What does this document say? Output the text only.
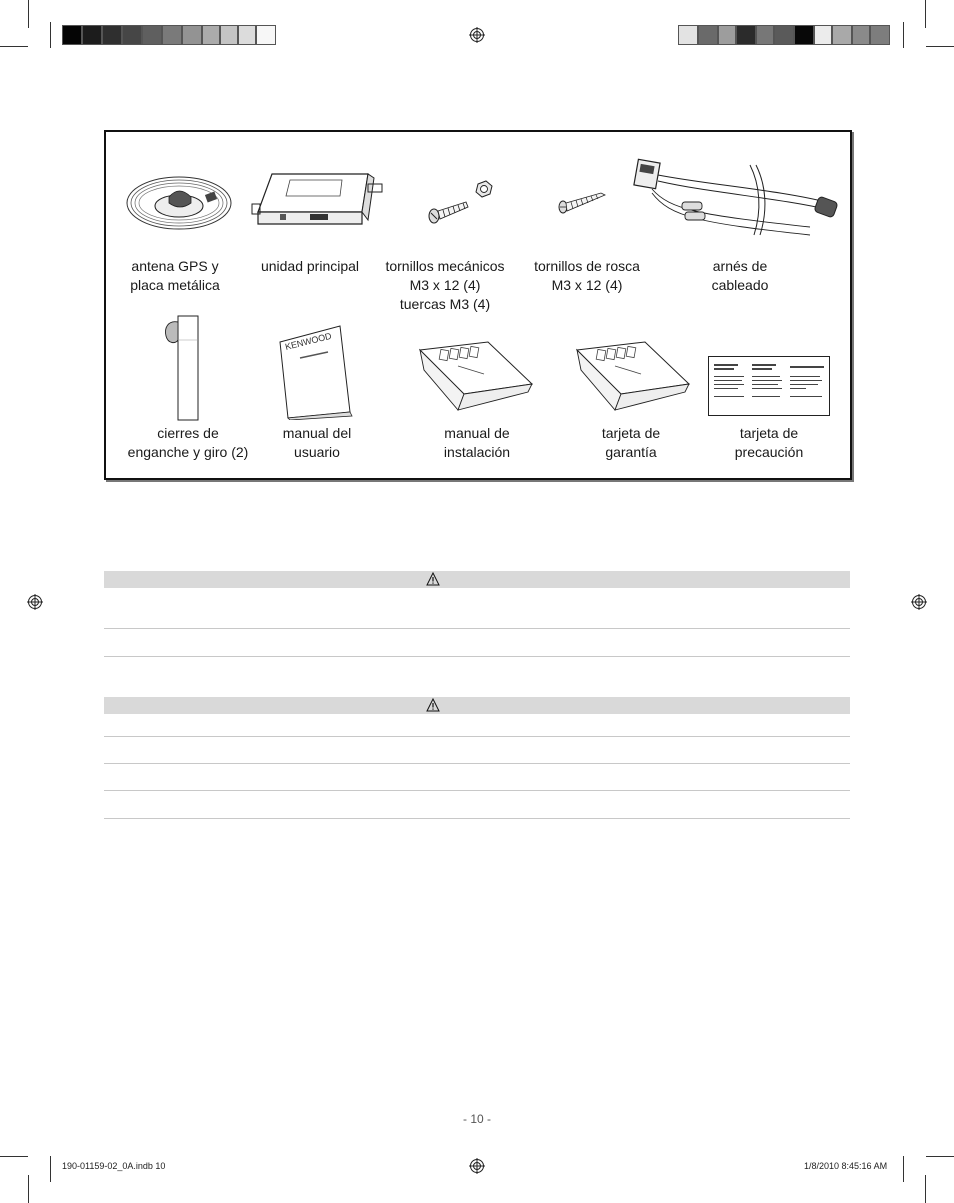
antena GPS y
placa metálica
unidad principal	tornillos mecánicos
M3 x 12 (4)
tuercas M3 (4)
tornillos de rosca
M3 x 12 (4)
arnés de
cableado
KENWOOD
cierres de
enganche y giro (2)
manual del
usuario
manual de
instalación
tarjeta de
garantía
tarjeta de
precaución
- 10 -
190-01159-02_0A.indb 10	1/8/2010 8:45:16 AM
